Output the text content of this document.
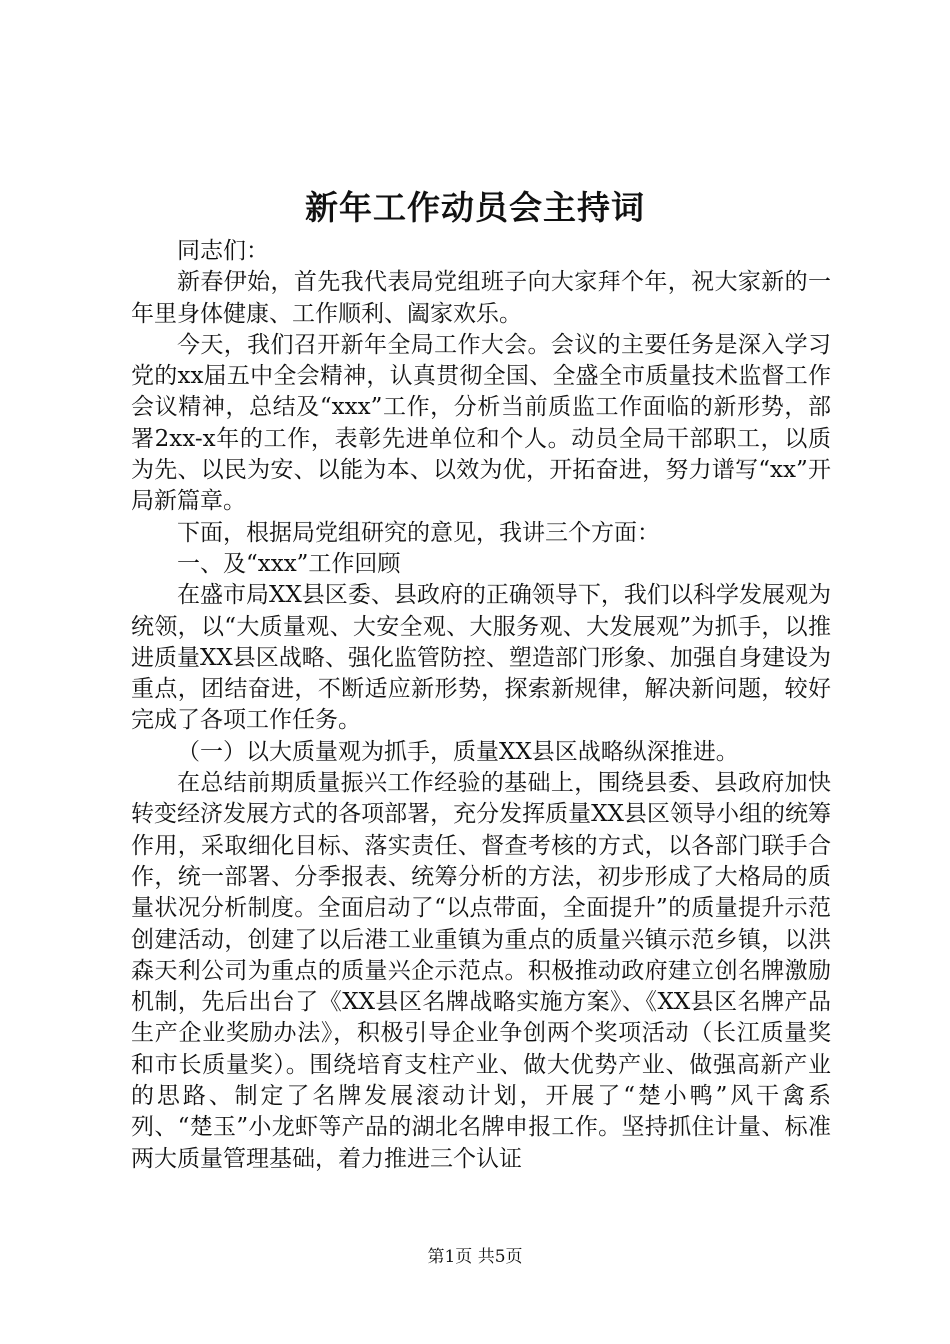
新年工作动员会主持词

同志们：

新春伊始，首先我代表局党组班子向大家拜个年，祝大家新的一年里身体健康、工作顺利、阖家欢乐。

今天，我们召开新年全局工作大会。会议的主要任务是深入学习党的xx届五中全会精神，认真贯彻全国、全盛全市质量技术监督工作会议精神，总结及“xxx”工作，分析当前质监工作面临的新形势，部署2xx-x年的工作，表彰先进单位和个人。动员全局干部职工，以质为先、以民为安、以能为本、以效为优，开拓奋进，努力谱写“xx”开局新篇章。

下面，根据局党组研究的意见，我讲三个方面：

一、及“xxx”工作回顾

在盛市局XX县区委、县政府的正确领导下，我们以科学发展观为统领，以“大质量观、大安全观、大服务观、大发展观”为抓手，以推进质量XX县区战略、强化监管防控、塑造部门形象、加强自身建设为重点，团结奋进，不断适应新形势，探索新规律，解决新问题，较好完成了各项工作任务。

（一）以大质量观为抓手，质量XX县区战略纵深推进。

在总结前期质量振兴工作经验的基础上，围绕县委、县政府加快转变经济发展方式的各项部署，充分发挥质量XX县区领导小组的统筹作用，采取细化目标、落实责任、督查考核的方式，以各部门联手合作，统一部署、分季报表、统筹分析的方法，初步形成了大格局的质量状况分析制度。全面启动了“以点带面，全面提升”的质量提升示范创建活动，创建了以后港工业重镇为重点的质量兴镇示范乡镇，以洪森天利公司为重点的质量兴企示范点。积极推动政府建立创名牌激励机制，先后出台了《XX县区名牌战略实施方案》、《XX县区名牌产品生产企业奖励办法》，积极引导企业争创两个奖项活动（长江质量奖和市长质量奖）。围绕培育支柱产业、做大优势产业、做强高新产业的思路、制定了名牌发展滚动计划，开展了“楚小鸭”风干禽系列、“楚玉”小龙虾等产品的湖北名牌申报工作。坚持抓住计量、标准两大质量管理基础，着力推进三个认证

第1页 共5页
